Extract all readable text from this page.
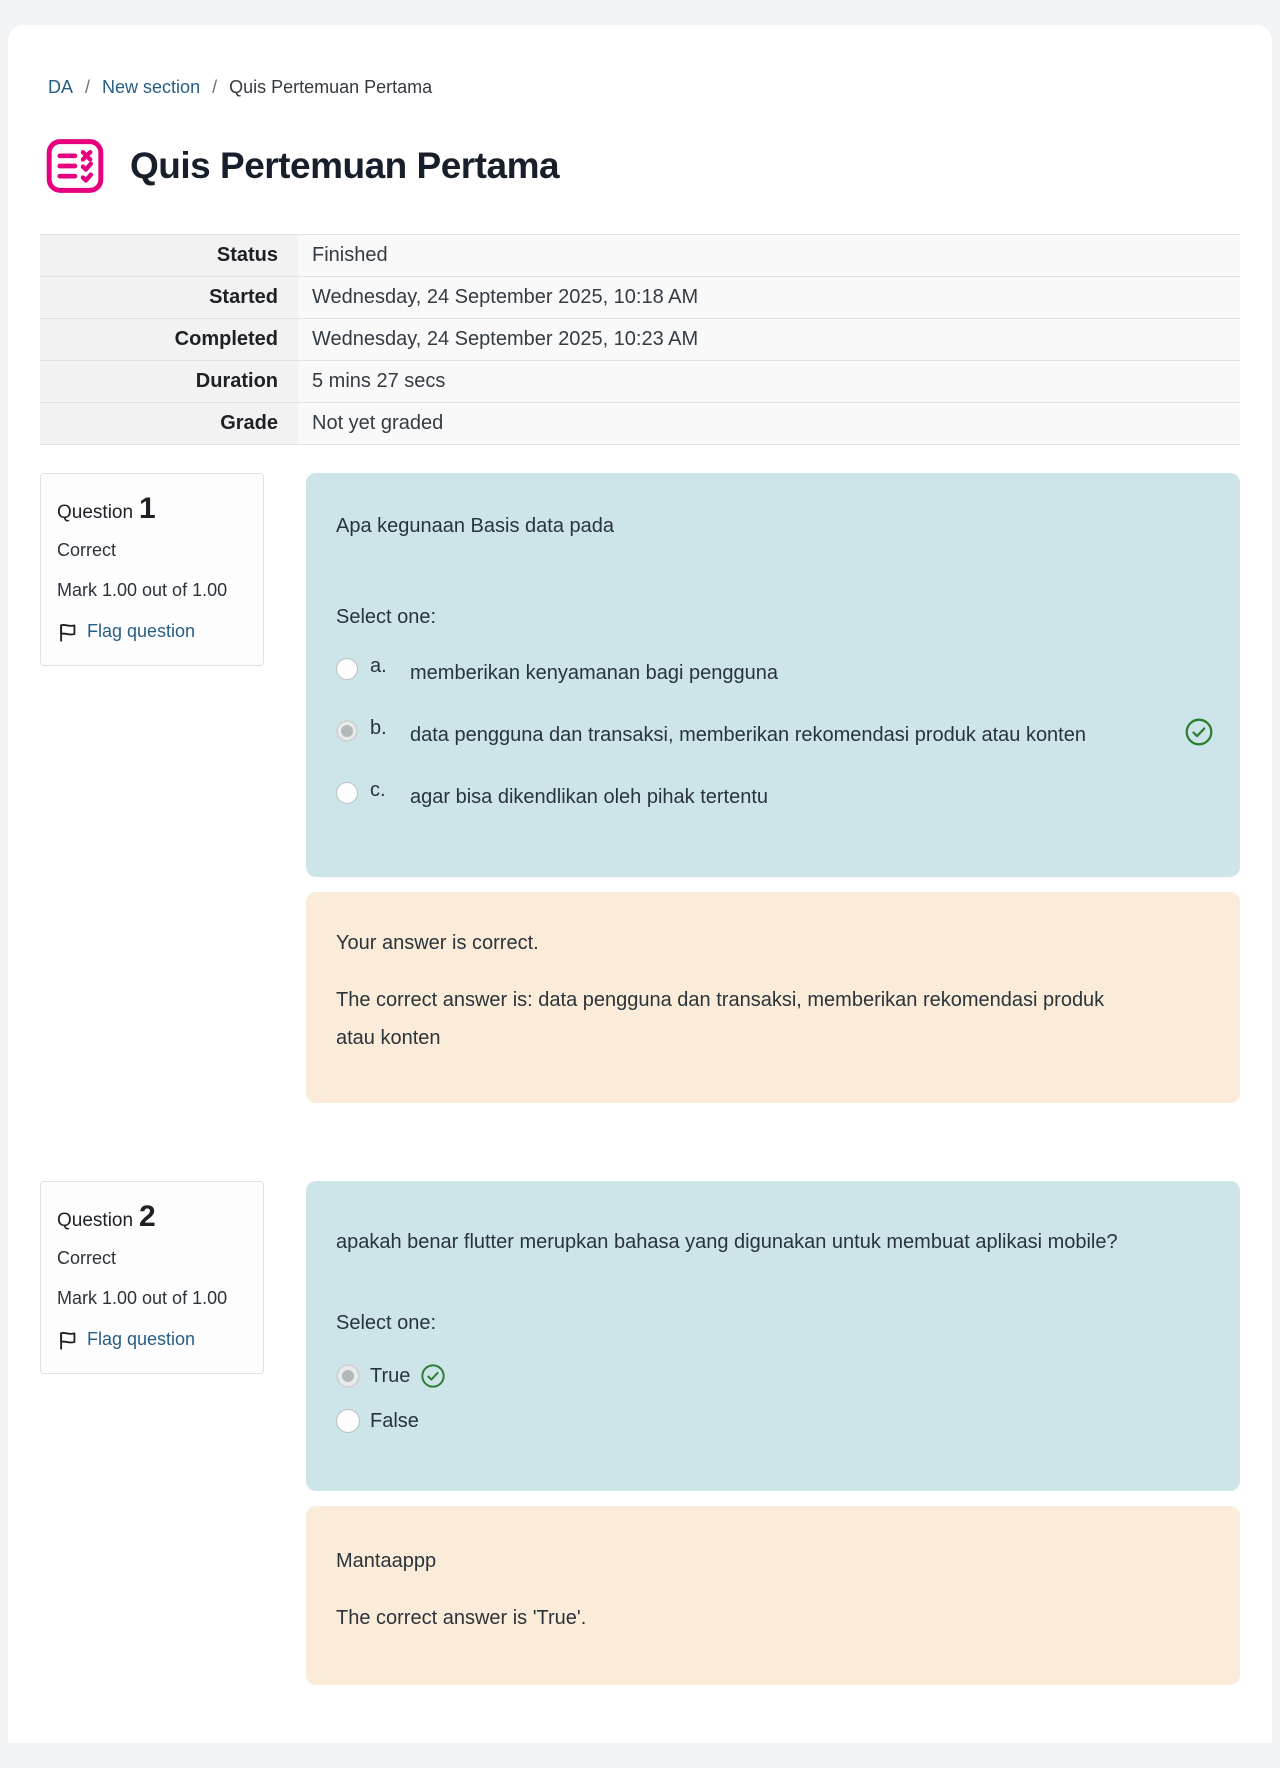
DA / New section / Quis Pertemuan Pertama
Quis Pertemuan Pertama
Status	Finished
Started	Wednesday, 24 September 2025, 10:18 AM
Completed	Wednesday, 24 September 2025, 10:23 AM
Duration	5 mins 27 secs
Grade	Not yet graded
Question 1
Correct
Mark 1.00 out of 1.00
Flag question
Apa kegunaan Basis data pada
Select one:
a.	memberikan kenyamanan bagi pengguna
b.	data pengguna dan transaksi, memberikan rekomendasi produk atau konten
c.	agar bisa dikendlikan oleh pihak tertentu
Your answer is correct.
The correct answer is: data pengguna dan transaksi, memberikan rekomendasi produk atau konten
Question 2
Correct
Mark 1.00 out of 1.00
Flag question
apakah benar flutter merupkan bahasa yang digunakan untuk membuat aplikasi mobile?
Select one:
True
False
Mantaappp
The correct answer is 'True'.
